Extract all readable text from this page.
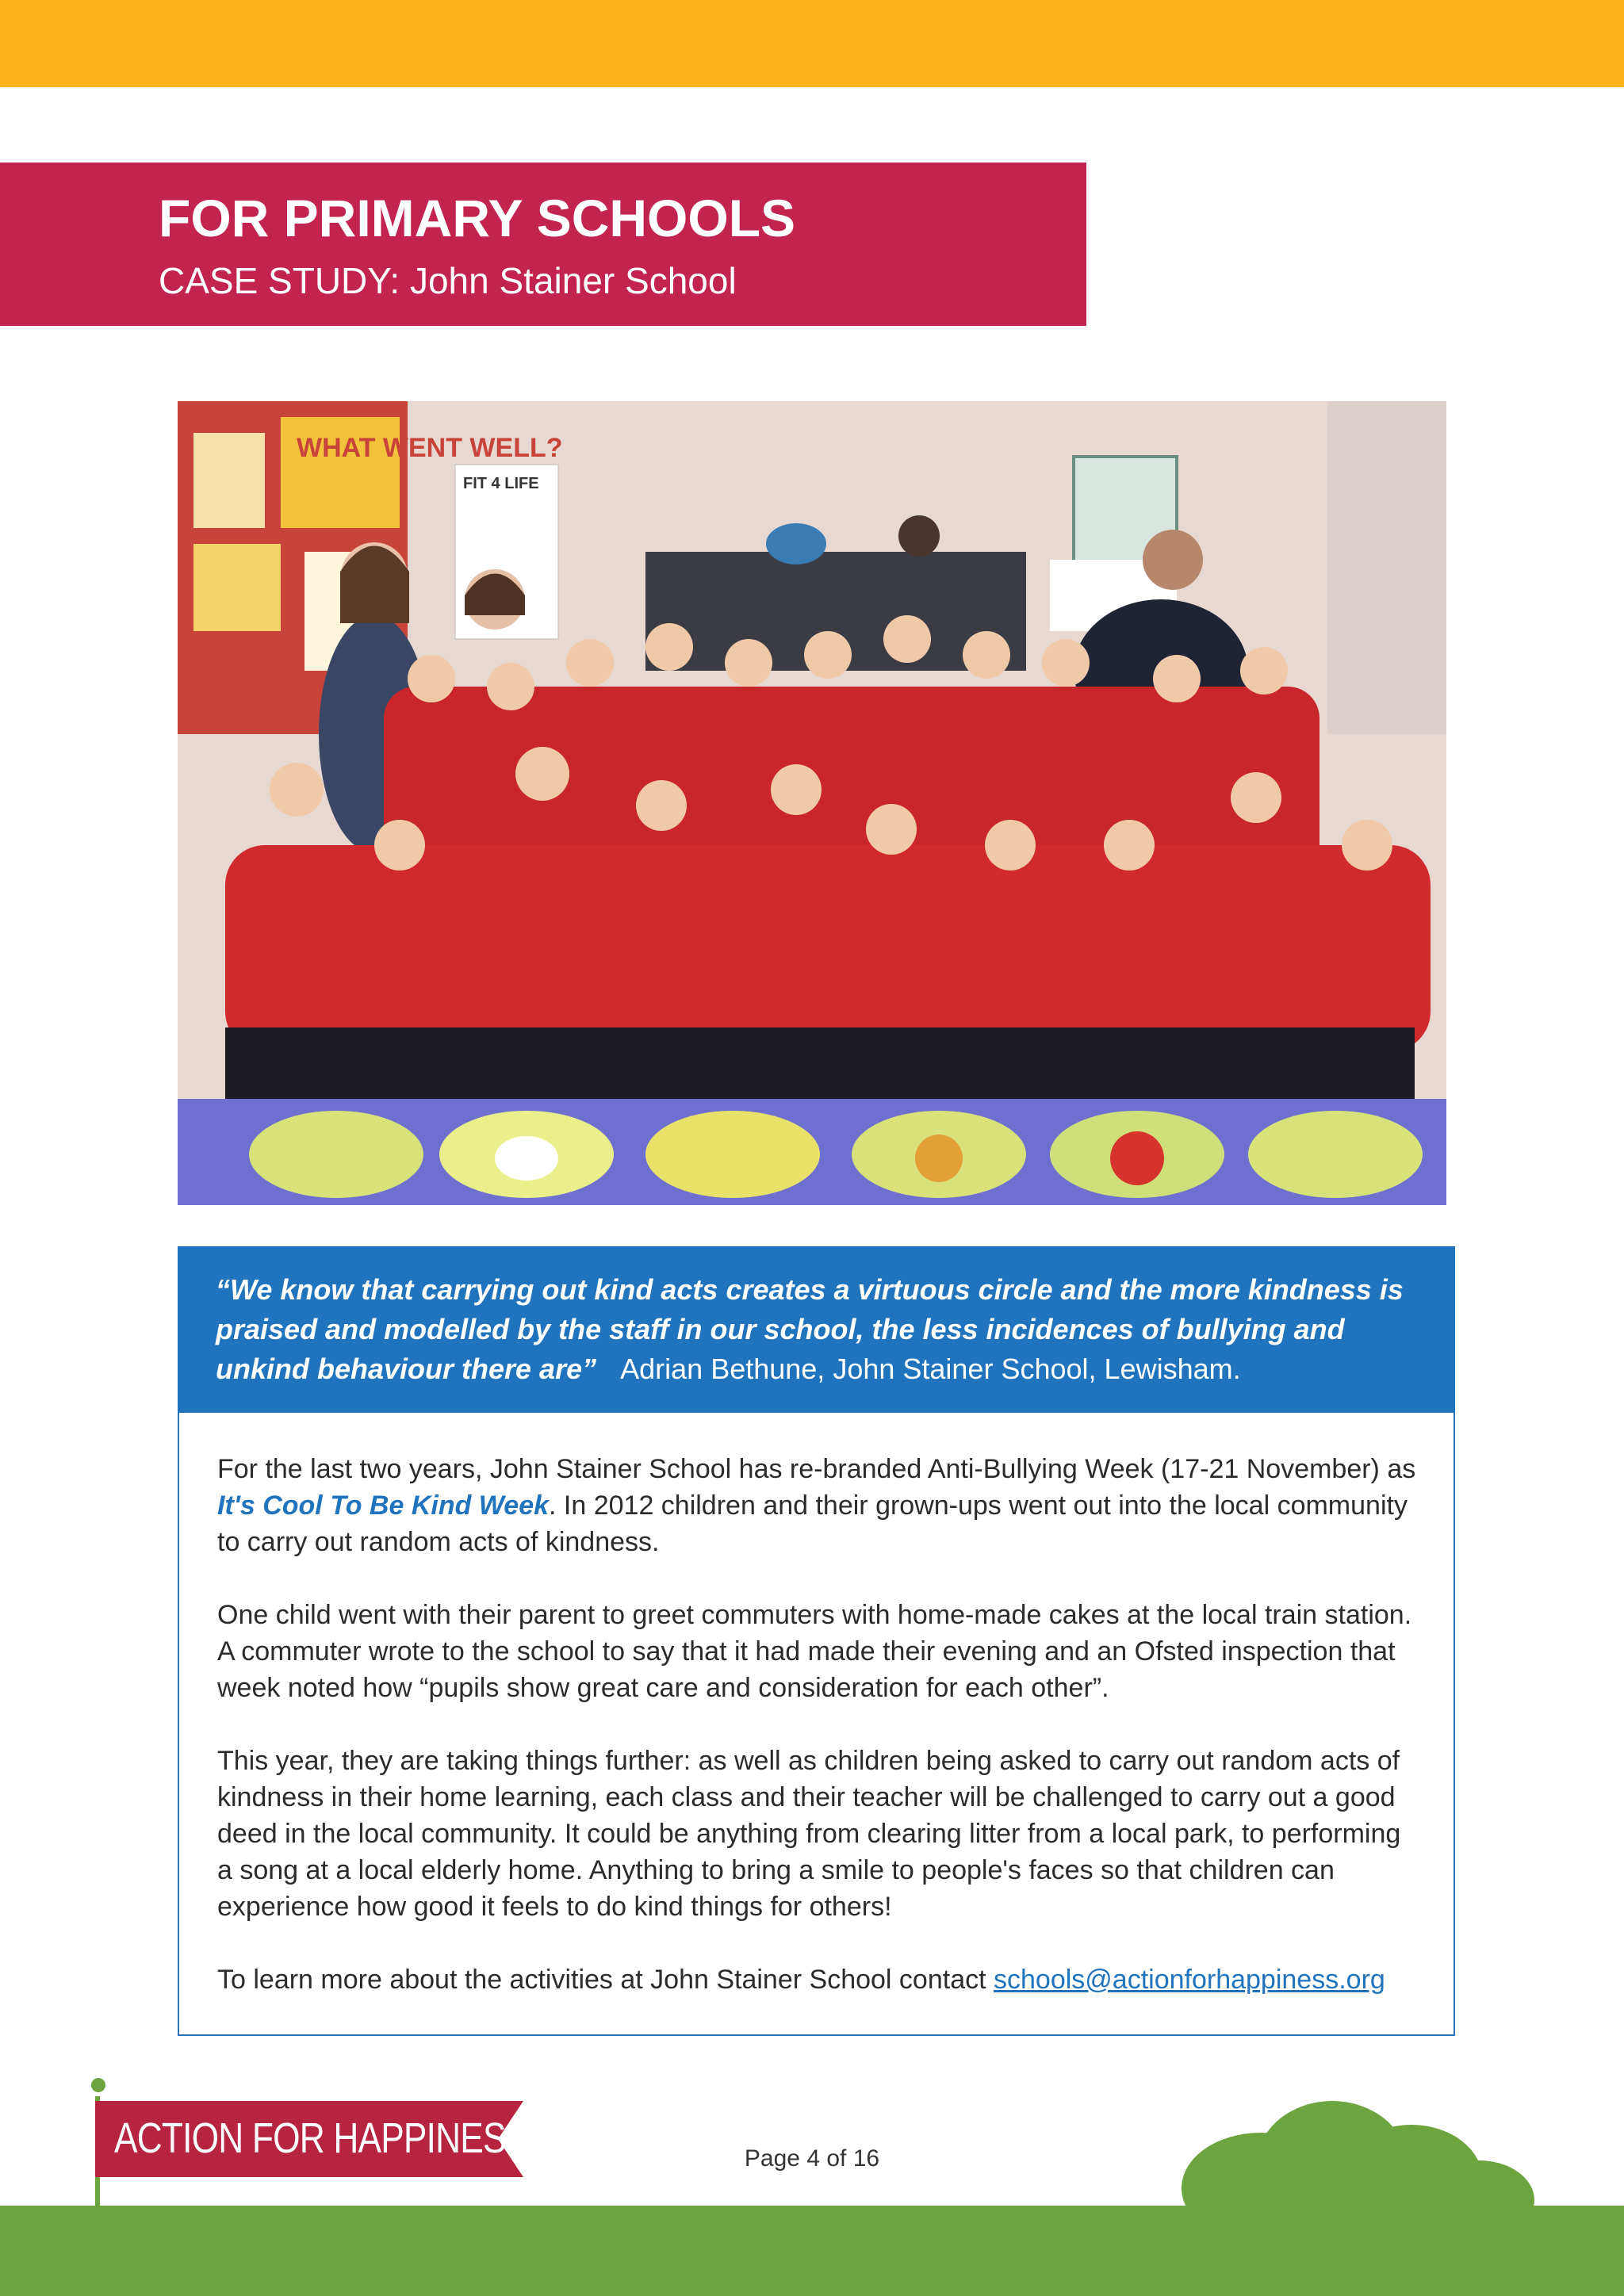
FOR PRIMARY SCHOOLS
CASE STUDY: John Stainer School
WHAT WENT WELL?
FIT 4 LIFE
“We know that carrying out kind acts creates a virtuous circle and the more kindness is praised and modelled by the staff in our school, the less incidences of bullying and unkind behaviour there are” Adrian Bethune, John Stainer School, Lewisham.

For the last two years, John Stainer School has re-branded Anti-Bullying Week (17-21 November) as It's Cool To Be Kind Week. In 2012 children and their grown-ups went out into the local community to carry out random acts of kindness.

One child went with their parent to greet commuters with home-made cakes at the local train station. A commuter wrote to the school to say that it had made their evening and an Ofsted inspection that week noted how “pupils show great care and consideration for each other”.

This year, they are taking things further: as well as children being asked to carry out random acts of kindness in their home learning, each class and their teacher will be challenged to carry out a good deed in the local community. It could be anything from clearing litter from a local park, to performing a song at a local elderly home. Anything to bring a smile to people's faces so that children can experience how good it feels to do kind things for others!

To learn more about the activities at John Stainer School contact schools@actionforhappiness.org

ACTION FOR HAPPINESS	Page 4 of 16
